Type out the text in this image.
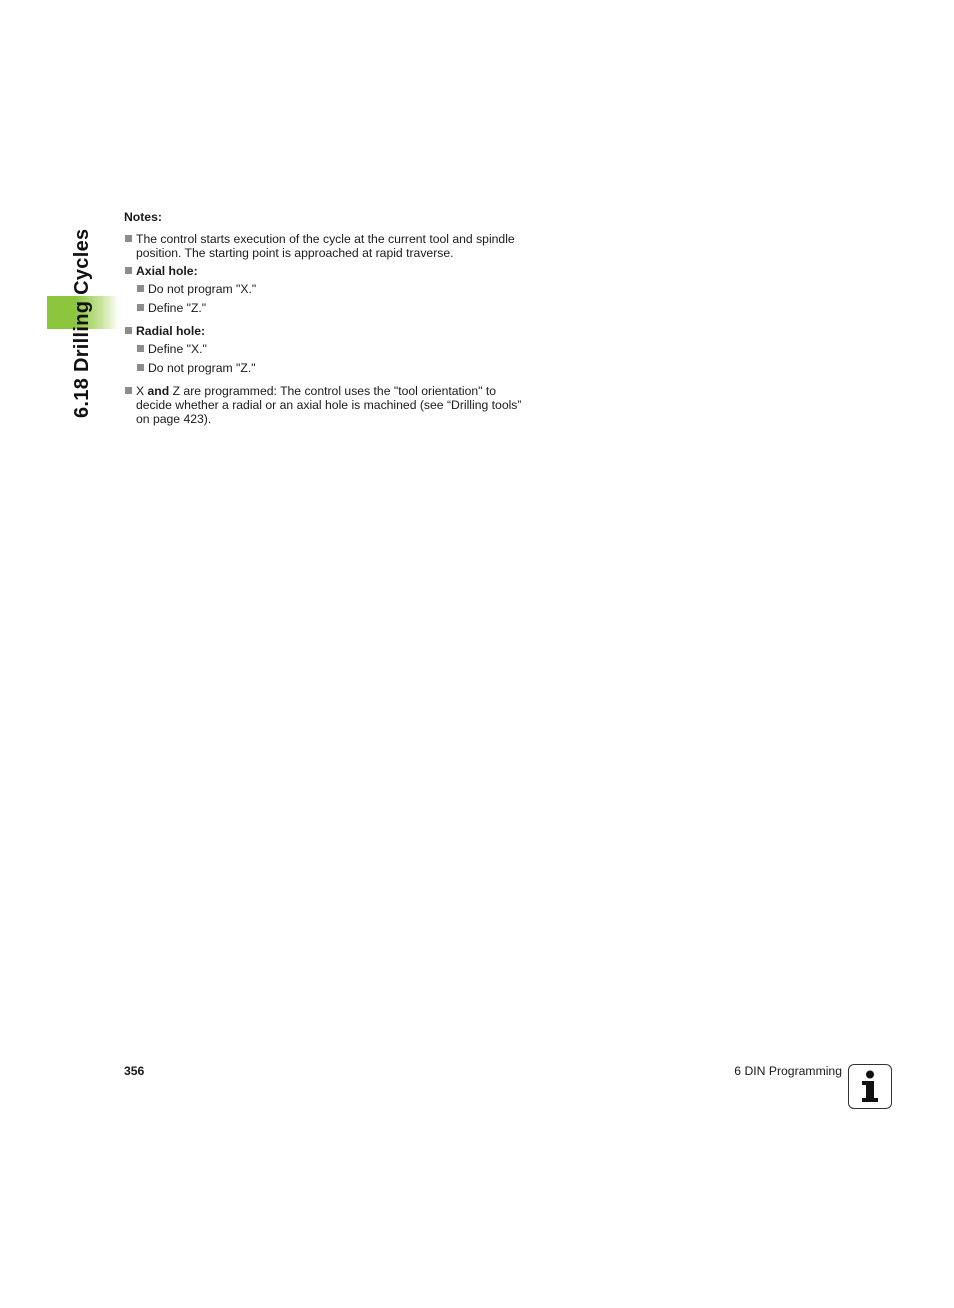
6.18 Drilling Cycles
Notes:
The control starts execution of the cycle at the current tool and spindle position. The starting point is approached at rapid traverse.
Axial hole:
Do not program "X."
Define "Z."
Radial hole:
Define "X."
Do not program "Z."
X and Z are programmed: The control uses the "tool orientation" to decide whether a radial or an axial hole is machined (see “Drilling tools” on page 423).
356	6 DIN Programming
